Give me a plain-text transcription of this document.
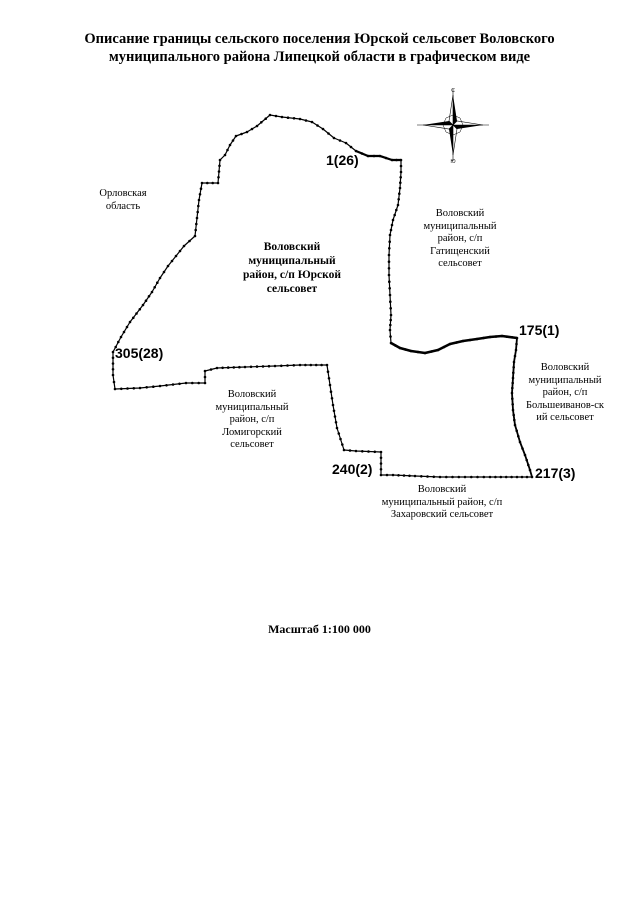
Описание границы сельского поселения Юрской сельсовет Воловского
муниципального района Липецкой области в графическом виде
С
Ю
Орловская
область
Воловский
муниципальный
район, с/п Юрской
сельсовет
Воловский
муниципальный
район, с/п
Гатищенский
сельсовет
Воловский
муниципальный
район, с/п
Большеиванов-ск
ий сельсовет
Воловский
муниципальный
район, с/п
Ломигорский
сельсовет
Воловский
муниципальный район, с/п
Захаровский сельсовет
1(26)
175(1)
217(3)
240(2)
305(28)
Масштаб 1:100 000
